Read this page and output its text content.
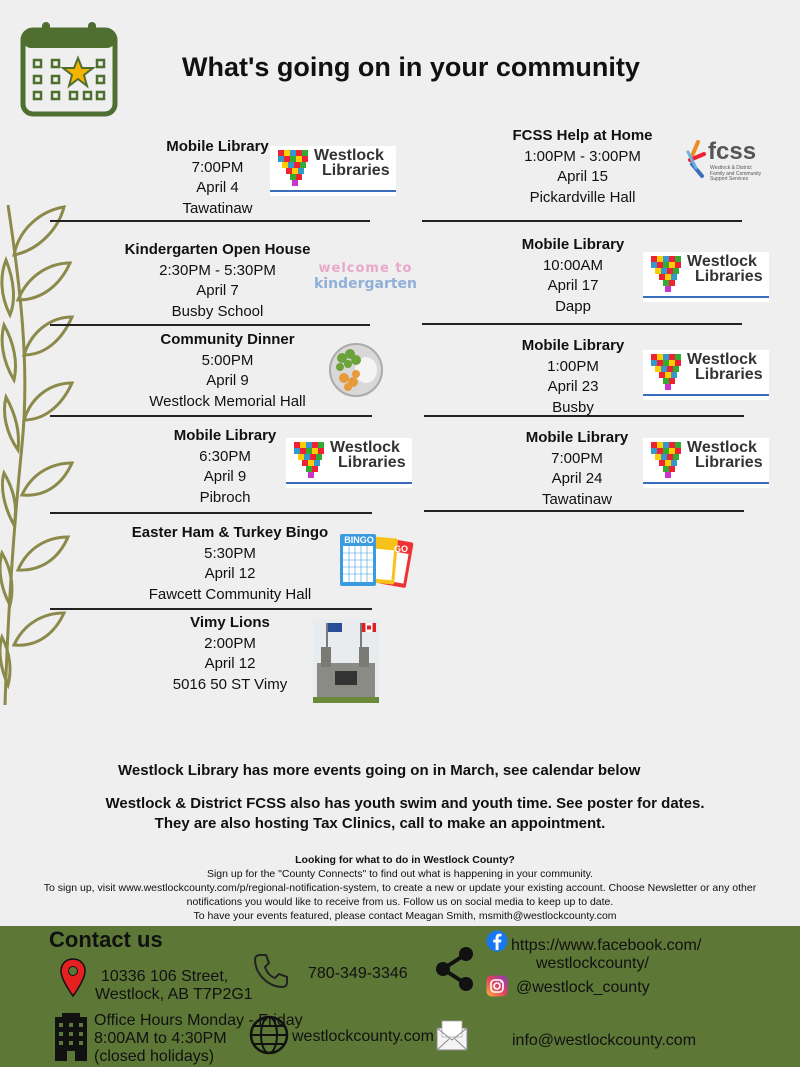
What's going on in your community
Mobile Library
7:00PM
April 4
Tawatinaw
Westlock
Libraries
Kindergarten Open House
2:30PM - 5:30PM
April 7
Busby School
welcome to
kindergarten
Community Dinner
5:00PM
April 9
Westlock Memorial Hall
Mobile Library
6:30PM
April 9
Pibroch
Westlock
Libraries
Easter Ham & Turkey Bingo
5:30PM
April 12
Fawcett Community Hall
BINGO
GO
Vimy Lions
2:00PM
April 12
5016 50 ST Vimy
FCSS Help at Home
1:00PM - 3:00PM
April 15
Pickardville Hall
fcss
Westlock & District
Family and Community
Support Services
Mobile Library
10:00AM
April 17
Dapp
Westlock
Libraries
Mobile Library
1:00PM
April 23
Busby
Westlock
Libraries
Mobile Library
7:00PM
April 24
Tawatinaw
Westlock
Libraries
Westlock Library has more events going on in March, see calendar below
Westlock & District FCSS also has youth swim and youth time. See poster for dates.
They are also hosting Tax Clinics, call to make an appointment.
Looking for what to do in Westlock County?
Sign up for the "County Connects" to find out what is happening in your community.
To sign up, visit www.westlockcounty.com/p/regional-notification-system, to create a new or update your existing account. Choose Newsletter or any other
notifications you would like to receive from us. Follow us on social media to keep up to date.
To have your events featured, please contact Meagan Smith, msmith@westlockcounty.com
Contact us
10336 106 Street,
Westlock, AB T7P2G1
780-349-3346
https://www.facebook.com/
westlockcounty/
@westlock_county
Office Hours Monday - Friday
8:00AM to 4:30PM
(closed holidays)
westlockcounty.com	info@westlockcounty.com
